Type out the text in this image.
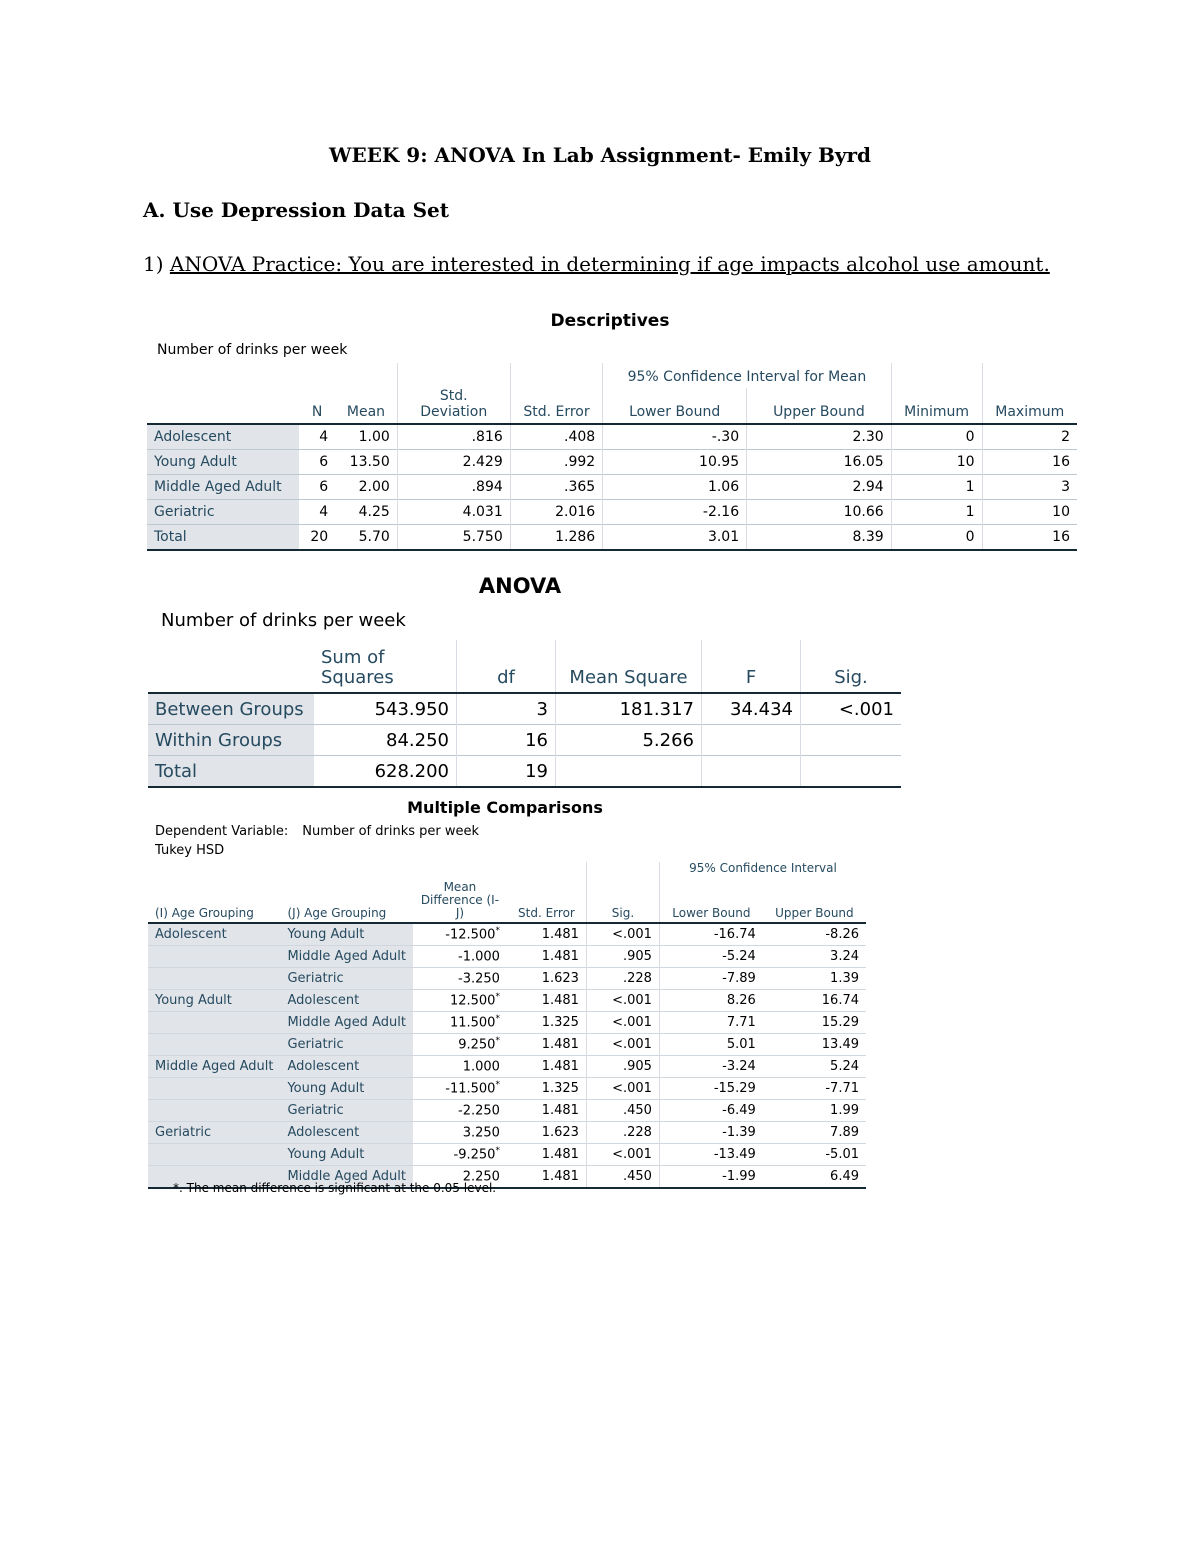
WEEK 9: ANOVA In Lab Assignment- Emily Byrd
A. Use Depression Data Set
1) ANOVA Practice: You are interested in determining if age impacts alcohol use amount.
Descriptives
Number of drinks per week
					95% Confidence Interval for Mean			
	N	Mean	Std. Deviation	Std. Error	Lower Bound	Upper Bound	Minimum	Maximum
Adolescent	4	1.00	.816	.408	-.30	2.30	0	2
Young Adult	6	13.50	2.429	.992	10.95	16.05	10	16
Middle Aged Adult	6	2.00	.894	.365	1.06	2.94	1	3
Geriatric	4	4.25	4.031	2.016	-2.16	10.66	1	10
Total	20	5.70	5.750	1.286	3.01	8.39	0	16
ANOVA
Number of drinks per week
	Sum of Squares	df	Mean Square	F	Sig.
Between Groups	543.950	3	181.317	34.434	<.001
Within Groups	84.250	16	5.266		
Total	628.200	19			
Multiple Comparisons
Dependent Variable: Number of drinks per week
Tukey HSD
					95% Confidence Interval	
(I) Age Grouping	(J) Age Grouping	Mean Difference (I-J)	Std. Error	Sig.	Lower Bound	Upper Bound
Adolescent	Young Adult	-12.500*	1.481	<.001	-16.74	-8.26
	Middle Aged Adult	-1.000	1.481	.905	-5.24	3.24
	Geriatric	-3.250	1.623	.228	-7.89	1.39
Young Adult	Adolescent	12.500*	1.481	<.001	8.26	16.74
	Middle Aged Adult	11.500*	1.325	<.001	7.71	15.29
	Geriatric	9.250*	1.481	<.001	5.01	13.49
Middle Aged Adult	Adolescent	1.000	1.481	.905	-3.24	5.24
	Young Adult	-11.500*	1.325	<.001	-15.29	-7.71
	Geriatric	-2.250	1.481	.450	-6.49	1.99
Geriatric	Adolescent	3.250	1.623	.228	-1.39	7.89
	Young Adult	-9.250*	1.481	<.001	-13.49	-5.01
	Middle Aged Adult	2.250	1.481	.450	-1.99	6.49
*. The mean difference is significant at the 0.05 level.
